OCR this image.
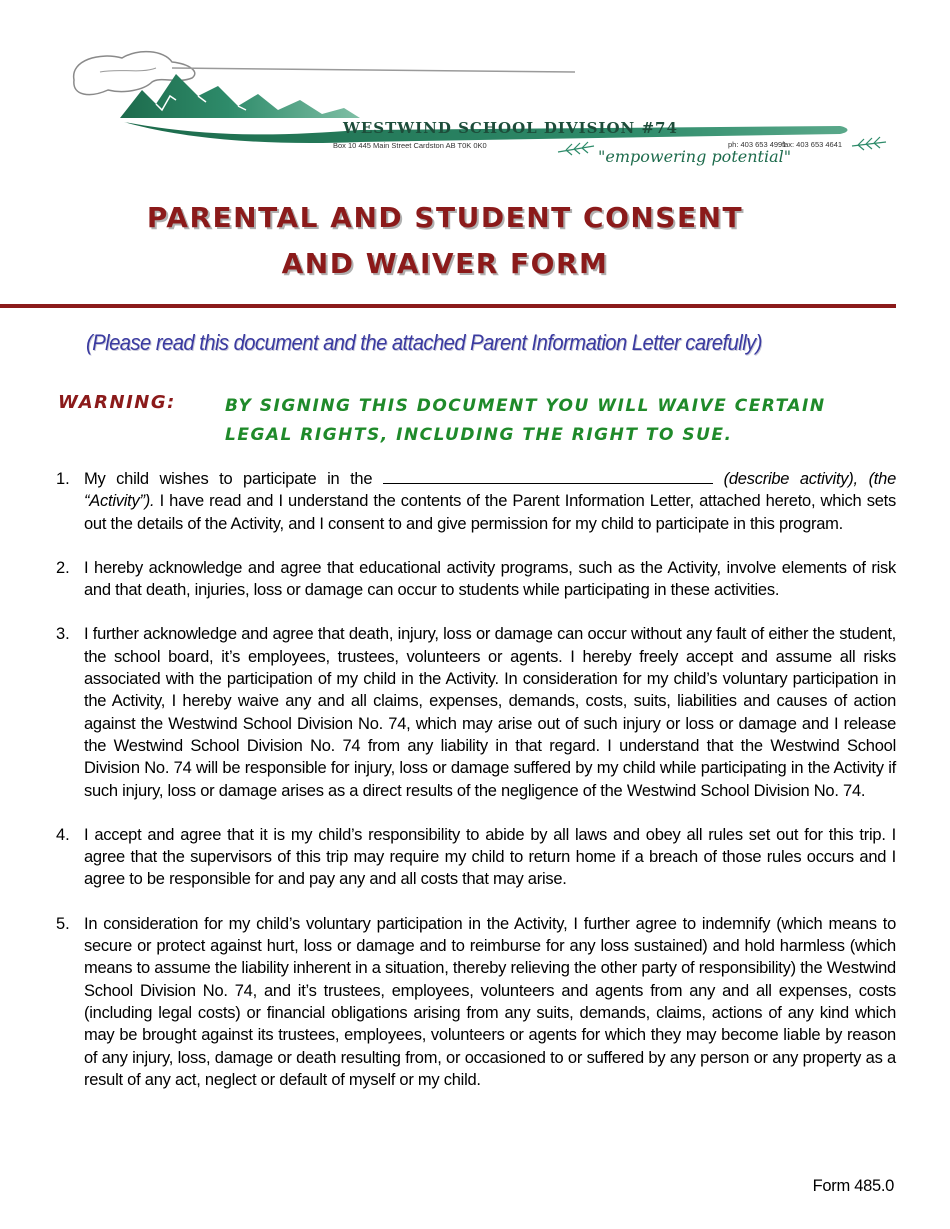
WESTWIND SCHOOL DIVISION #74
Box 10 445 Main Street Cardston AB T0K 0K0	ph: 403 653 4991
fax: 403 653 4641
"empowering potential"
PARENTAL AND STUDENT CONSENT
AND WAIVER FORM
(Please read this document and the attached Parent Information Letter carefully)
WARNING:	BY SIGNING THIS DOCUMENT YOU WILL WAIVE CERTAIN
LEGAL RIGHTS, INCLUDING THE RIGHT TO SUE.
1. My child wishes to participate in the	(describe activity), (the “Activity”). I have read and I understand the contents of the Parent Information Letter, attached hereto, which sets out the details of the Activity, and I consent to and give permission for my child to participate in this program.
2. I hereby acknowledge and agree that educational activity programs, such as the Activity, involve elements of risk and that death, injuries, loss or damage can occur to students while participating in these activities.
3. I further acknowledge and agree that death, injury, loss or damage can occur without any fault of either the student, the school board, it’s employees, trustees, volunteers or agents. I hereby freely accept and assume all risks associated with the participation of my child in the Activity. In consideration for my child’s voluntary participation in the Activity, I hereby waive any and all claims, expenses, demands, costs, suits, liabilities and causes of action against the Westwind School Division No. 74, which may arise out of such injury or loss or damage and I release the Westwind School Division No. 74 from any liability in that regard. I understand that the Westwind School Division No. 74 will be responsible for injury, loss or damage suffered by my child while participating in the Activity if such injury, loss or damage arises as a direct results of the negligence of the Westwind School Division No. 74.
4. I accept and agree that it is my child’s responsibility to abide by all laws and obey all rules set out for this trip. I agree that the supervisors of this trip may require my child to return home if a breach of those rules occurs and I agree to be responsible for and pay any and all costs that may arise.
5. In consideration for my child’s voluntary participation in the Activity, I further agree to indemnify (which means to secure or protect against hurt, loss or damage and to reimburse for any loss sustained) and hold harmless (which means to assume the liability inherent in a situation, thereby relieving the other party of responsibility) the Westwind School Division No. 74, and it’s trustees, employees, volunteers and agents from any and all expenses, costs (including legal costs) or financial obligations arising from any suits, demands, claims, actions of any kind which may be brought against its trustees, employees, volunteers or agents for which they may become liable by reason of any injury, loss, damage or death resulting from, or occasioned to or suffered by any person or any property as a result of any act, neglect or default of myself or my child.
Form 485.0
